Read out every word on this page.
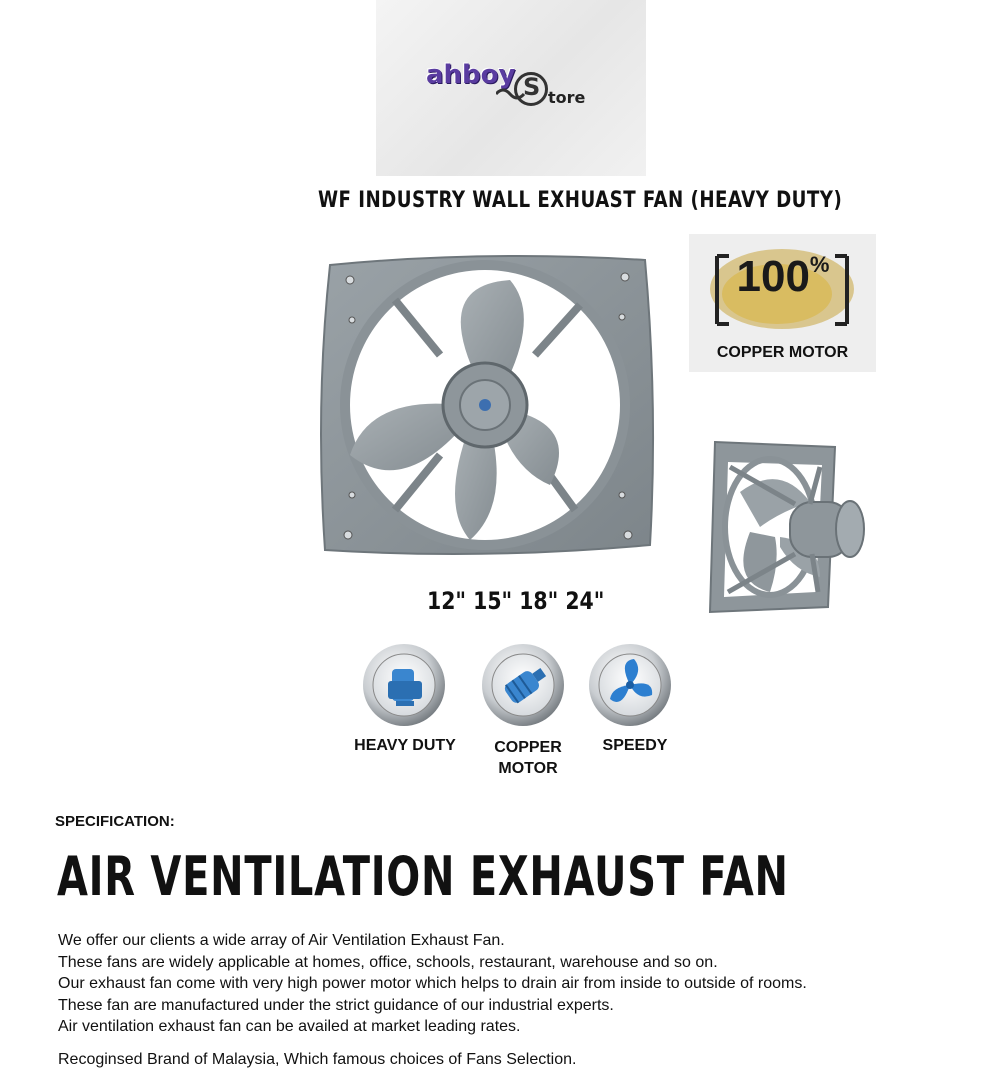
ahboy S tore
WF INDUSTRY WALL EXHUAST FAN (HEAVY DUTY)
100%
COPPER MOTOR
12" 15" 18" 24"
HEAVY DUTY	COPPER
MOTOR
SPEEDY
SPECIFICATION:
AIR VENTILATION EXHAUST FAN

We offer our clients a wide array of Air Ventilation Exhaust Fan.

These fans are widely applicable at homes, office, schools, restaurant, warehouse and so on.

Our exhaust fan come with very high power motor which helps to drain air from inside to outside of rooms.

These fan are manufactured under the strict guidance of our industrial experts.

Air ventilation exhaust fan can be availed at market leading rates.

Recoginsed Brand of Malaysia, Which famous choices of Fans Selection.
